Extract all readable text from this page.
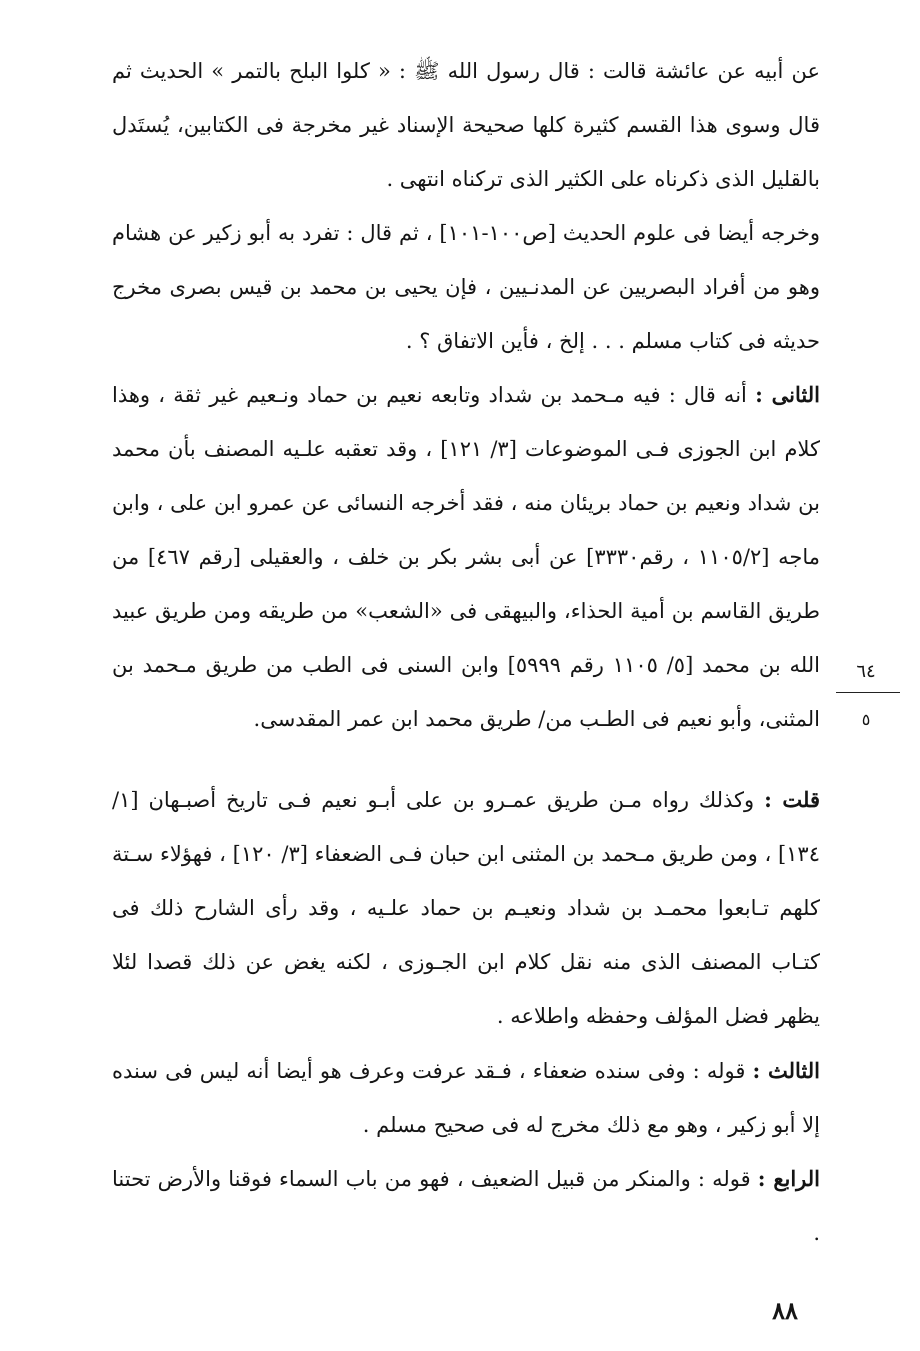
عن أبيه عن عائشة قالت : قال رسول الله ﷺ : « كلوا البلح بالتمر » الحديث ثم قال وسوى هذا القسم كثيرة كلها صحيحة الإسناد غير مخرجة فى الكتابين، يُستَدل بالقليل الذى ذكرناه على الكثير الذى تركناه انتهى .

وخرجه أيضا فى علوم الحديث [ص١٠٠-١٠١] ، ثم قال : تفرد به أبو زكير عن هشام وهو من أفراد البصريين عن المدنـيين ، فإن يحيى بن محمد بن قيس بصرى مخرج حديثه فى كتاب مسلم . . . إلخ ، فأين الاتفاق ؟ .

الثانى : أنه قال : فيه مـحمد بن شداد وتابعه نعيم بن حماد ونـعيم غير ثقة ، وهذا كلام ابن الجوزى فـى الموضوعات [٣/ ١٢١] ، وقد تعقبه علـيه المصنف بأن محمد بن شداد ونعيم بن حماد بريئان منه ، فقد أخرجه النسائى عن عمرو ابن على ، وابن ماجه [١١٠٥/٢ ، رقم٣٣٣٠] عن أبى بشر بكر بن خلف ، والعقيلى [رقم ٤٦٧] من طريق القاسم بن أمية الحذاء، والبيهقى فى «الشعب» من طريقه ومن طريق عبيد الله بن محمد [٥/ ١١٠٥ رقم ٥٩٩٩] وابن السنى فى الطب من طريق مـحمد بن المثنى، وأبو نعيم فى الطـب من/ طريق محمد ابن عمر المقدسى.

قلت : وكذلك رواه مـن طريق عمـرو بن على أبـو نعيم فـى تاريخ أصبـهان [١/ ١٣٤] ، ومن طريق مـحمد بن المثنى ابن حبان فـى الضعفاء [٣/ ١٢٠] ، فهؤلاء سـتة كلهم تـابعوا محمـد بن شداد ونعيـم بن حماد علـيه ، وقد رأى الشارح ذلك فى كتـاب المصنف الذى منه نقل كلام ابن الجـوزى ، لكنه يغض عن ذلك قصدا لئلا يظهر فضل المؤلف وحفظه واطلاعه .

الثالث : قوله : وفى سنده ضعفاء ، فـقد عرفت وعرف هو أيضا أنه ليس فى سنده إلا أبو زكير ، وهو مع ذلك مخرج له فى صحيح مسلم .

الرابع : قوله : والمنكر من قبيل الضعيف ، فهو من باب السماء فوقنا والأرض تحتنا .

٦٤
٥
٨٨
